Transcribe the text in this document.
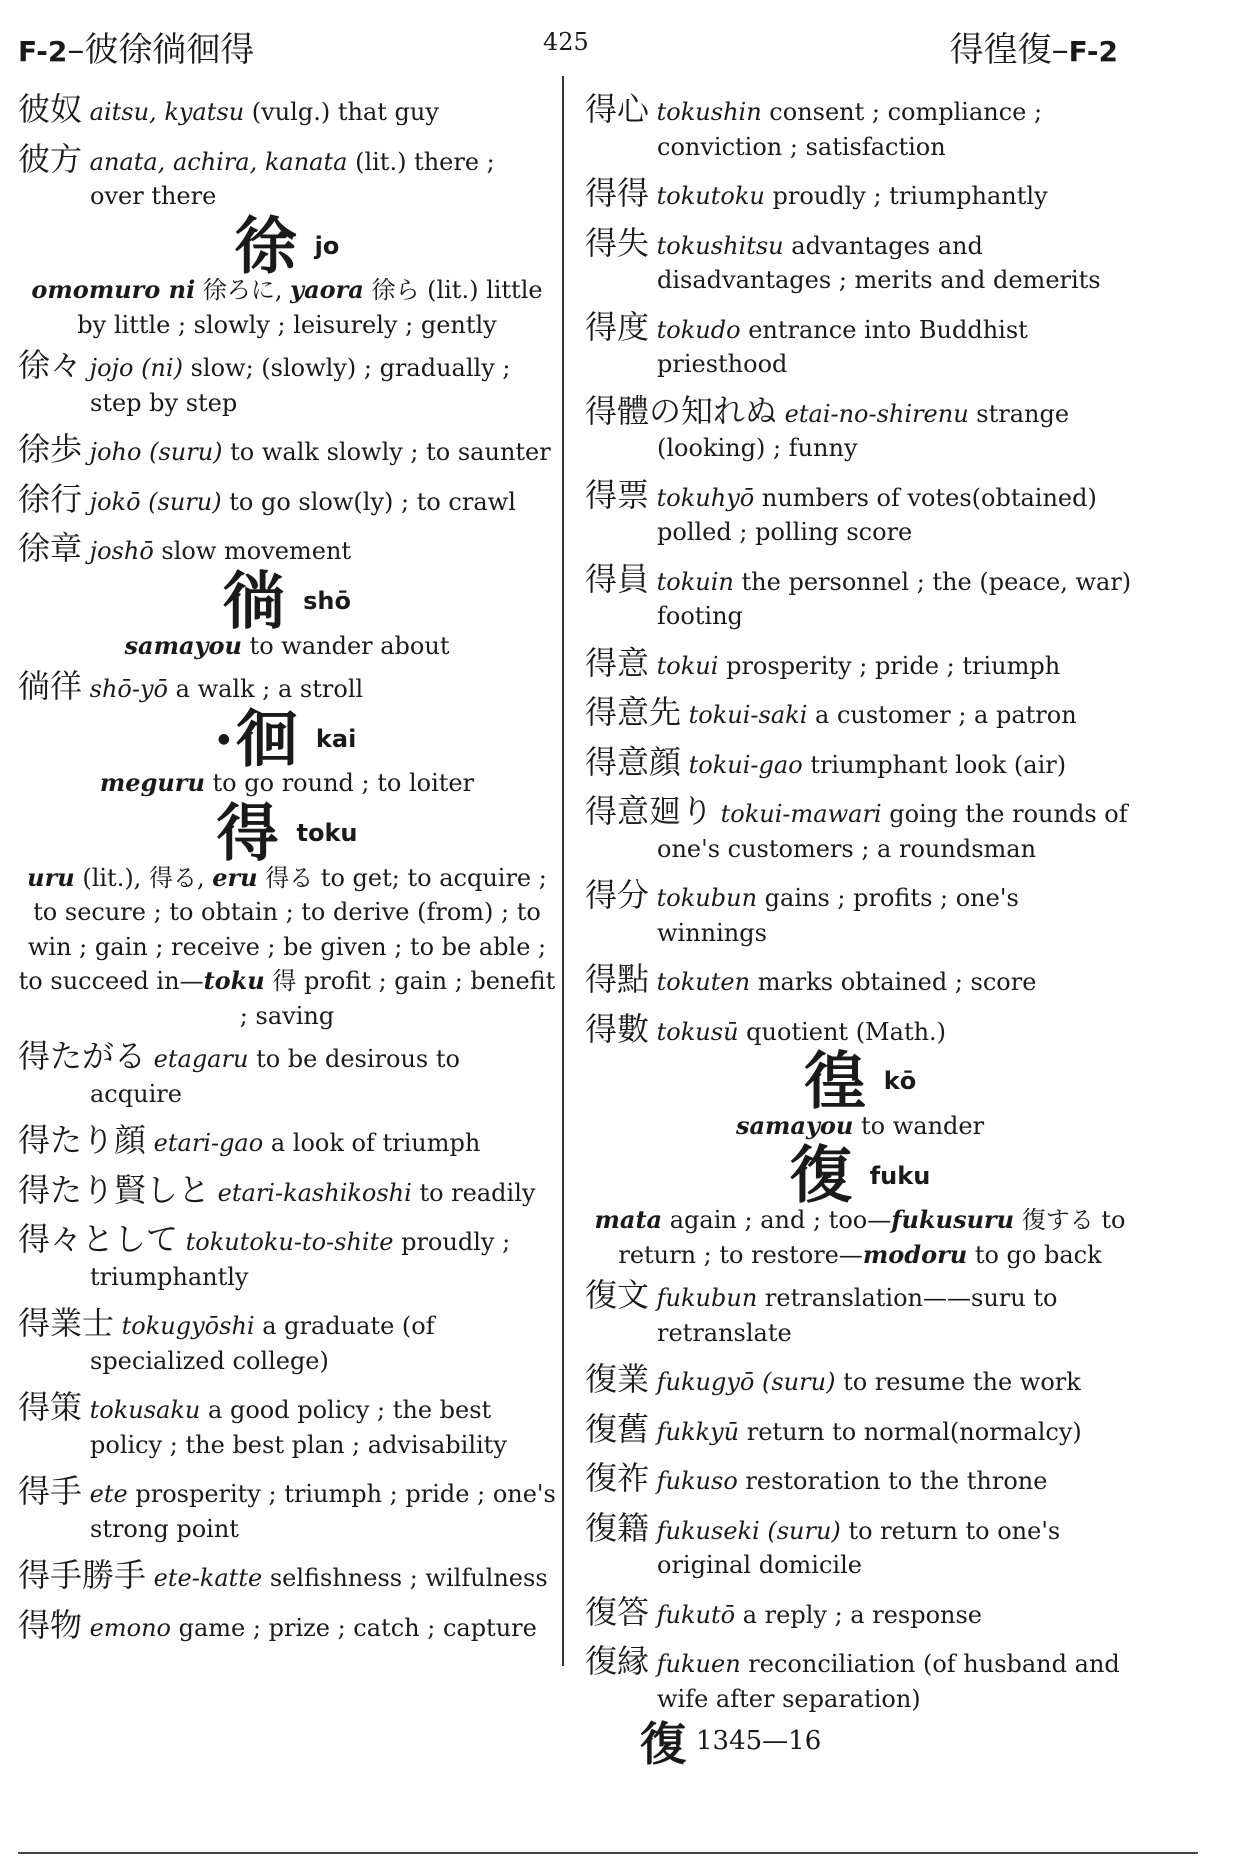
F-2–彼徐徜徊得	425	得徨復–F-2
彼奴 aitsu, kyatsu (vulg.) that guy
彼方 anata, achira, kanata (lit.) there ; over there
徐jo
omomuro ni 徐ろに, yaora 徐ら (lit.) little by little ; slowly ; leisurely ; gently
徐々 jojo (ni) slow; (slowly) ; gradually ; step by step
徐歩 joho (suru) to walk slowly ; to saunter
徐行 jokō (suru) to go slow(ly) ; to crawl
徐章 joshō slow movement
徜shō
samayou to wander about
徜徉 shō-yō a walk ; a stroll
●徊 kai
meguru to go round ; to loiter
得toku
uru (lit.), 得る, eru 得る to get; to acquire ; to secure ; to obtain ; to derive (from) ; to win ; gain ; receive ; be given ; to be able ; to succeed in—toku 得 profit ; gain ; benefit ; saving
得たがる etagaru to be desirous to acquire
得たり顔 etari-gao a look of triumph
得たり賢しと etari-kashikoshi to readily
得々として tokutoku-to-shite proudly ; triumphantly
得業士 tokugyōshi a graduate (of specialized college)
得策 tokusaku a good policy ; the best policy ; the best plan ; advisability
得手 ete prosperity ; triumph ; pride ; one's strong point
得手勝手 ete-katte selfishness ; wilfulness
得物 emono game ; prize ; catch ; capture
得心 tokushin consent ; compliance ; conviction ; satisfaction
得得 tokutoku proudly ; triumphantly
得失 tokushitsu advantages and disadvantages ; merits and demerits
得度 tokudo entrance into Buddhist priesthood
得體の知れぬ etai-no-shirenu strange (looking) ; funny
得票 tokuhyō numbers of votes(obtained) polled ; polling score
得員 tokuin the personnel ; the (peace, war) footing
得意 tokui prosperity ; pride ; triumph
得意先 tokui-saki a customer ; a patron
得意顔 tokui-gao triumphant look (air)
得意廻り tokui-mawari going the rounds of one's customers ; a roundsman
得分 tokubun gains ; profits ; one's winnings
得點 tokuten marks obtained ; score
得數 tokusū quotient (Math.)
徨kō
samayou to wander
復fuku
mata again ; and ; too—fukusuru 復する to return ; to restore—modoru to go back
復文 fukubun retranslation——suru to retranslate
復業 fukugyō (suru) to resume the work
復舊 fukkyū return to normal(normalcy)
復祚 fukuso restoration to the throne
復籍 fukuseki (suru) to return to one's original domicile
復答 fukutō a reply ; a response
復縁 fukuen reconciliation (of husband and wife after separation)
復 1345—16
